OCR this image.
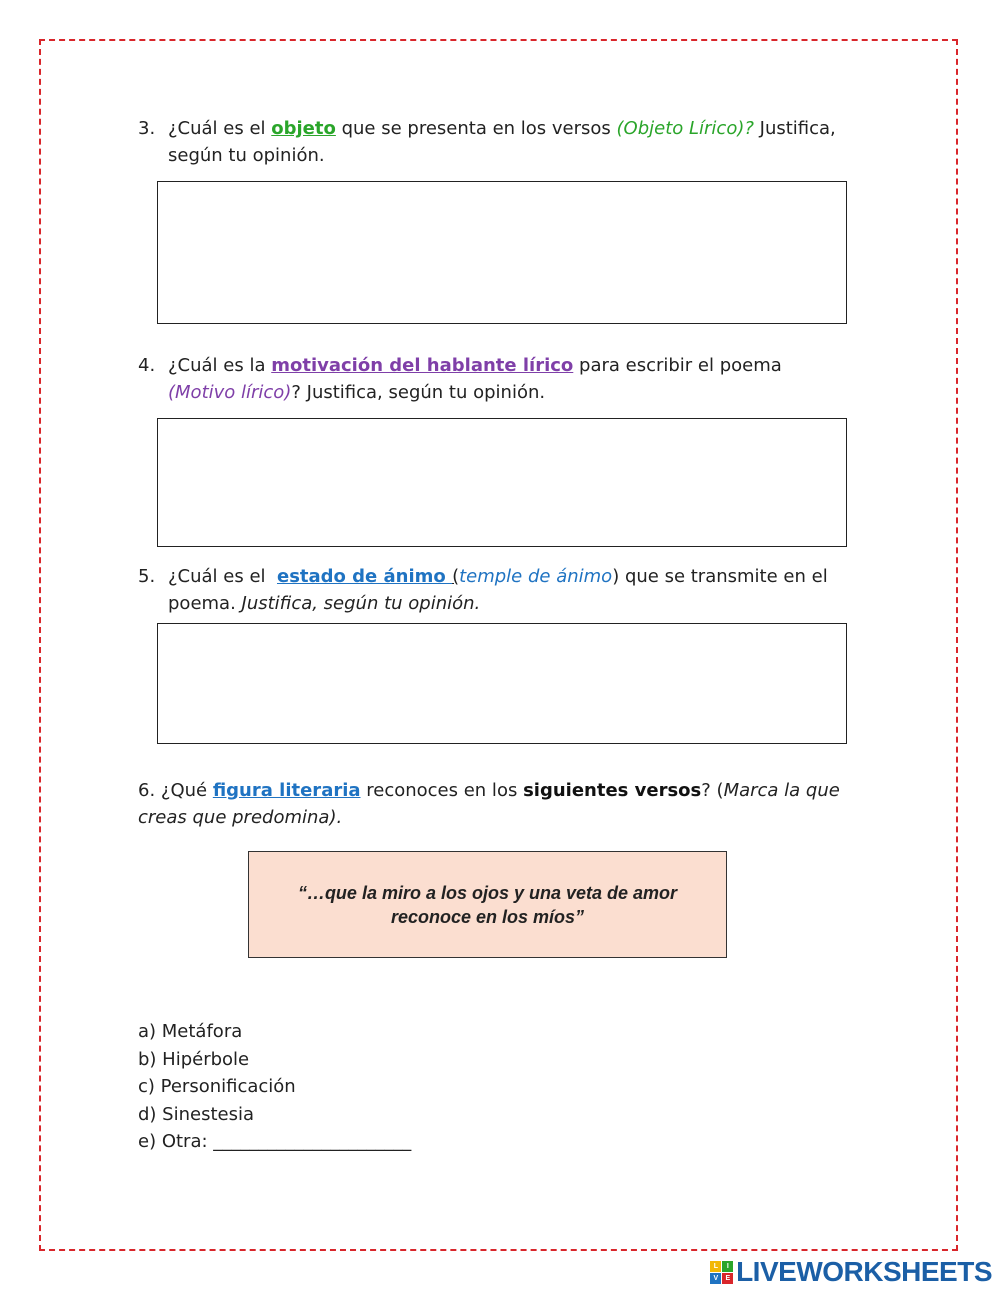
3. ¿Cuál es el objeto que se presenta en los versos (Objeto Lírico)? Justifica,
según tu opinión.
4. ¿Cuál es la motivación del hablante lírico para escribir el poema
(Motivo lírico)? Justifica, según tu opinión.
5. ¿Cuál es el  estado de ánimo (temple de ánimo) que se transmite en el
poema. Justifica, según tu opinión.
6. ¿Qué figura literaria reconoces en los siguientes versos? (Marca la que
creas que predomina).
“…que la miro a los ojos y una veta de amor reconoce en los míos”
a) Metáfora
b) Hipérbole
c) Personificación
d) Sinestesia
e) Otra: ______________________
L	I
V	E LIVEWORKSHEETS
